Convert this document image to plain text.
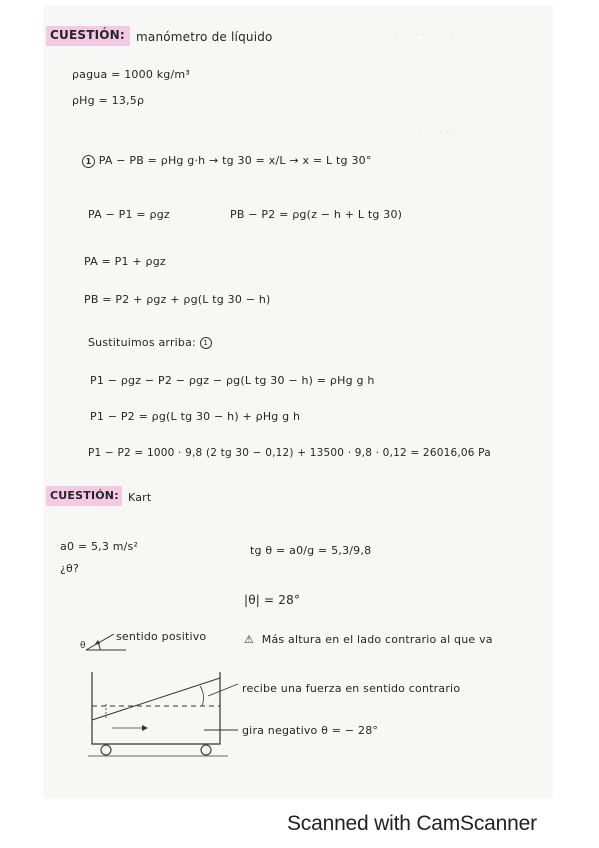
· · · · · · · · ·
· · · · · · · ·
CUESTIÓN: manómetro de líquido
ρagua = 1000 kg/m³
ρHg = 13,5ρ
1 PA − PB = ρHg g·h → tg 30 = x/L → x = L tg 30°
PA − P1 = ρgz	PB − P2 = ρg(z − h + L tg 30)
PA = P1 + ρgz
PB = P2 + ρgz + ρg(L tg 30 − h)
Sustituimos arriba: 1
P1 − ρgz − P2 − ρgz − ρg(L tg 30 − h) = ρHg g h
P1 − P2 = ρg(L tg 30 − h) + ρHg g h
P1 − P2 = 1000 · 9,8 (2 tg 30 − 0,12) + 13500 · 9,8 · 0,12 = 26016,06 Pa
CUESTIÓN: Kart
a0 = 5,3 m/s²
¿θ?
tg θ = a0/g = 5,3/9,8
|θ| = 28°
θ
sentido positivo	⚠ Más altura en el lado contrario al que va
recibe una fuerza en sentido contrario
gira negativo θ = − 28°
Scanned with CamScanner
